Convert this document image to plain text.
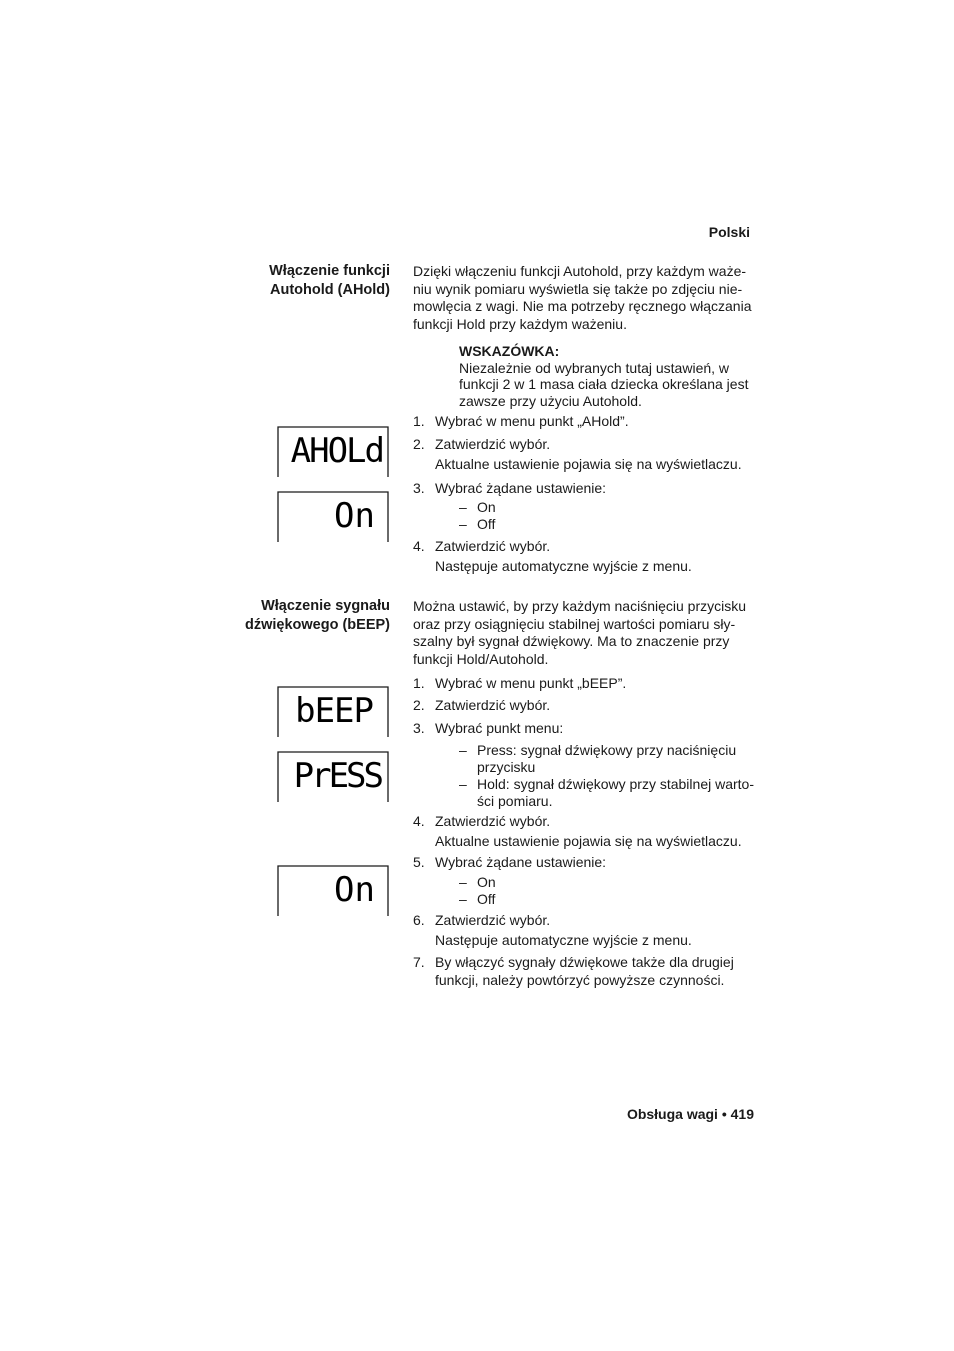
Polski
Włączenie funkcji
Autohold (AHold)

Dzięki włączeniu funkcji Autohold, przy każdym waże-
niu wynik pomiaru wyświetla się także po zdjęciu nie-
mowlęcia z wagi. Nie ma potrzeby ręcznego włączania
funkcji Hold przy każdym ważeniu.

WSKAZÓWKA:
Niezależnie od wybranych tutaj ustawień, w
funkcji 2 w 1 masa ciała dziecka określana jest
zawsze przy użyciu Autohold.

1. Wybrać w menu punkt „AHold”.
2. Zatwierdzić wybór.
Aktualne ustawienie pojawia się na wyświetlaczu.
3. Wybrać żądane ustawienie:
– On
– Off
4. Zatwierdzić wybór.
Następuje automatyczne wyjście z menu.
AHOLd
On
Włączenie sygnału
dźwiękowego (bEEP)

Można ustawić, by przy każdym naciśnięciu przycisku
oraz przy osiągnięciu stabilnej wartości pomiaru sły-
szalny był sygnał dźwiękowy. Ma to znaczenie przy
funkcji Hold/Autohold.

1. Wybrać w menu punkt „bEEP”.
2. Zatwierdzić wybór.
3. Wybrać punkt menu:
– Press: sygnał dźwiękowy przy naciśnięciu
przycisku
– Hold: sygnał dźwiękowy przy stabilnej warto-
ści pomiaru.
4. Zatwierdzić wybór.
Aktualne ustawienie pojawia się na wyświetlaczu.
5. Wybrać żądane ustawienie:
– On
– Off
6. Zatwierdzić wybór.
Następuje automatyczne wyjście z menu.
7. By włączyć sygnały dźwiękowe także dla drugiej
funkcji, należy powtórzyć powyższe czynności.
bEEP
PrESS
On
Obsługa wagi • 419
